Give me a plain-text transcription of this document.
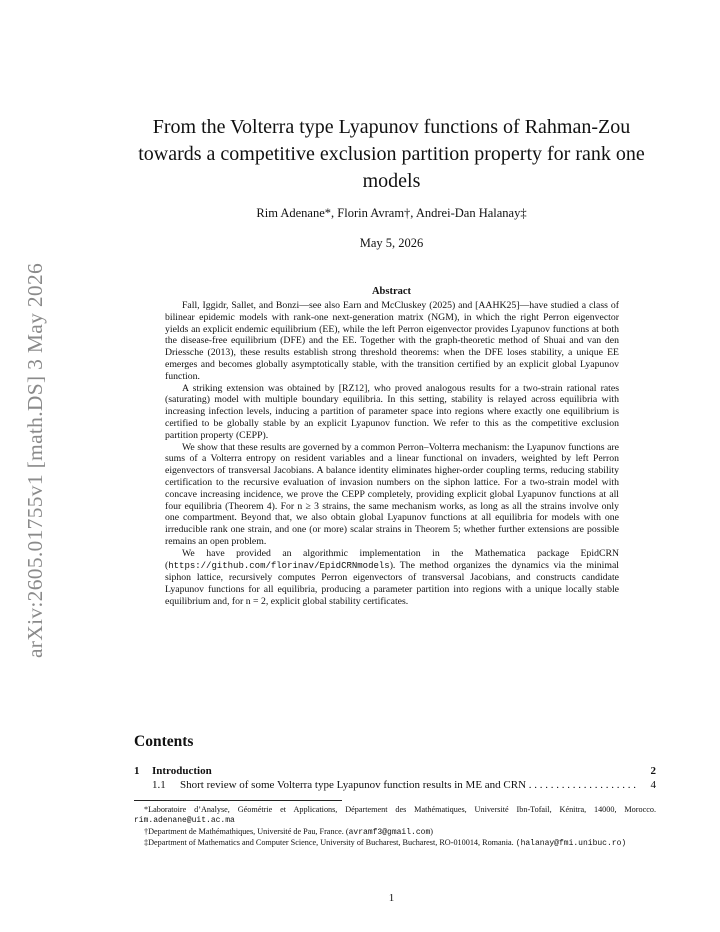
arXiv:2605.01755v1 [math.DS] 3 May 2026
From the Volterra type Lyapunov functions of Rahman-Zou towards a competitive exclusion partition property for rank one models
Rim Adenane*, Florin Avram†, Andrei-Dan Halanay‡
May 5, 2026
Abstract

Fall, Iggidr, Sallet, and Bonzi—see also Earn and McCluskey (2025) and [AAHK25]—have studied a class of bilinear epidemic models with rank-one next-generation matrix (NGM), in which the right Perron eigenvector yields an explicit endemic equilibrium (EE), while the left Perron eigenvector provides Lyapunov functions at both the disease-free equilibrium (DFE) and the EE. Together with the graph-theoretic method of Shuai and van den Driessche (2013), these results establish strong threshold theorems: when the DFE loses stability, a unique EE emerges and becomes globally asymptotically stable, with the transition certified by an explicit global Lyapunov function.

A striking extension was obtained by [RZ12], who proved analogous results for a two-strain rational rates (saturating) model with multiple boundary equilibria. In this setting, stability is relayed across equilibria with increasing infection levels, inducing a partition of parameter space into regions where exactly one equilibrium is certified to be globally stable by an explicit Lyapunov function. We refer to this as the competitive exclusion partition property (CEPP).

We show that these results are governed by a common Perron–Volterra mechanism: the Lyapunov functions are sums of a Volterra entropy on resident variables and a linear functional on invaders, weighted by left Perron eigenvectors of transversal Jacobians. A balance identity eliminates higher-order coupling terms, reducing stability certification to the recursive evaluation of invasion numbers on the siphon lattice. For a two-strain model with concave increasing incidence, we prove the CEPP completely, providing explicit global Lyapunov functions at all four equilibria (Theorem 4). For n ≥ 3 strains, the same mechanism works, as long as all the strains involve only one compartment. Beyond that, we also obtain global Lyapunov functions at all equilibria for models with one irreducible rank one strain, and one (or more) scalar strains in Theorem 5; whether further extensions are possible remains an open problem.

We have provided an algorithmic implementation in the Mathematica package EpidCRN (https://github.com/florinav/EpidCRNmodels). The method organizes the dynamics via the minimal siphon lattice, recursively computes Perron eigenvectors of transversal Jacobians, and constructs candidate Lyapunov functions for all equilibria, producing a parameter partition into regions with a unique locally stable equilibrium and, for n = 2, explicit global stability certificates.

Contents
1	Introduction	2
1.1	Short review of some Volterra type Lyapunov function results in ME and CRN . .	4

*Laboratoire d’Analyse, Géométrie et Applications, Département des Mathématiques, Université Ibn-Tofail, Kénitra, 14000, Morocco. rim.adenane@uit.ac.ma

†Department de Mathémathiques, Université de Pau, France. (avramf3@gmail.com)

‡Department of Mathematics and Computer Science, University of Bucharest, Bucharest, RO-010014, Romania. (halanay@fmi.unibuc.ro)

1
